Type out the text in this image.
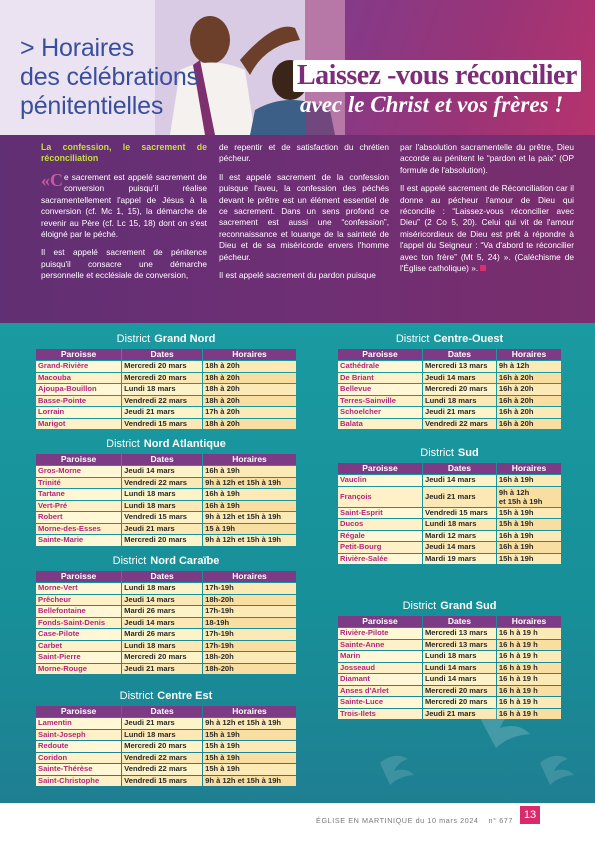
> Horaires
des célébrations
pénitentielles
Laissez -vous réconcilier
avec le Christ et vos frères !
La confession, le sacrement de réconciliation

«Ce sacrement est appelé sacrement de conversion puisqu'il réalise sacramentellement l'appel de Jésus à la conversion (cf. Mc 1, 15), la démarche de revenir au Père (cf. Lc 15, 18) dont on s'est éloigné par le péché.

Il est appelé sacrement de pénitence puisqu'il consacre une démarche personnelle et ecclésiale de conversion,

de repentir et de satisfaction du chrétien pécheur.

Il est appelé sacrement de la confession puisque l'aveu, la confession des péchés devant le prêtre est un élément essentiel de ce sacrement. Dans un sens profond ce sacrement est aussi une “confession”, reconnaissance et louange de la sainteté de Dieu et de sa miséricorde envers l'homme pécheur.

Il est appelé sacrement du pardon puisque

par l'absolution sacramentelle du prêtre, Dieu accorde au pénitent le “pardon et la paix” (OP formule de l'absolution).

Il est appelé sacrement de Réconciliation car il donne au pécheur l'amour de Dieu qui réconcilie : “Laissez-vous réconcilier avec Dieu” (2 Co 5, 20). Celui qui vit de l'amour miséricordieux de Dieu est prêt à répondre à l'appel du Seigneur : “Va d'abord te réconcilier avec ton frère” (Mt 5, 24) ». (Caléchisme de l'Église catholique) ».

District Grand Nord
Paroisse	Dates	Horaires
Grand-Rivière	Mercredi 20 mars	18h à 20h
Macouba	Mercredi 20 mars	18h à 20h
Ajoupa-Bouillon	Lundi 18 mars	18h à 20h
Basse-Pointe	Vendredi 22 mars	18h à 20h
Lorrain	Jeudi 21 mars	17h à 20h
Marigot	Vendredi 15 mars	18h à 20h
District Nord Atlantique
Paroisse	Dates	Horaires
Gros-Morne	Jeudi 14 mars	16h à 19h
Trinité	Vendredi 22 mars	9h à 12h et 15h à 19h
Tartane	Lundi 18 mars	16h à 19h
Vert-Pré	Lundi 18 mars	16h à 19h
Robert	Vendredi 15 mars	9h à 12h et 15h à 19h
Morne-des-Esses	Jeudi 21 mars	15 à 19h
Sainte-Marie	Mercredi 20 mars	9h à 12h et 15h à 19h
District Nord Caraïbe
Paroisse	Dates	Horaires
Morne-Vert	Lundi 18 mars	17h-19h
Prêcheur	Jeudi 14 mars	18h-20h
Bellefontaine	Mardi 26 mars	17h-19h
Fonds-Saint-Denis	Jeudi 14 mars	18-19h
Case-Pilote	Mardi 26 mars	17h-19h
Carbet	Lundi 18 mars	17h-19h
Saint-Pierre	Mercredi 20 mars	18h-20h
Morne-Rouge	Jeudi 21 mars	18h-20h
District Centre Est
Paroisse	Dates	Horaires
Lamentin	Jeudi 21 mars	9h à 12h et 15h à 19h
Saint-Joseph	Lundi 18 mars	15h à 19h
Redoute	Mercredi 20 mars	15h à 19h
Coridon	Vendredi 22 mars	15h à 19h
Sainte-Thérèse	Vendredi 22 mars	15h à 19h
Saint-Christophe	Vendredi 15 mars	9h à 12h et 15h à 19h
District Centre-Ouest
Paroisse	Dates	Horaires
Cathédrale	Mercredi 13 mars	9h à 12h
De Briant	Jeudi 14 mars	16h à 20h
Bellevue	Mercredi 20 mars	16h à 20h
Terres-Sainville	Lundi 18 mars	16h à 20h
Schoelcher	Jeudi 21 mars	16h à 20h
Balata	Vendredi 22 mars	16h à 20h
District Sud
Paroisse	Dates	Horaires
Vauclin	Jeudi 14 mars	16h à 19h
François	Jeudi 21 mars	9h à 12h
et 15h à 19h
Saint-Esprit	Vendredi 15 mars	15h à 19h
Ducos	Lundi 18 mars	15h à 19h
Régale	Mardi 12 mars	16h à 19h
Petit-Bourg	Jeudi 14 mars	16h à 19h
Rivière-Salée	Mardi 19 mars	15h à 19h
District Grand Sud
Paroisse	Dates	Horaires
Rivière-Pilote	Mercredi 13 mars	16 h à 19 h
Sainte-Anne	Mercredi 13 mars	16 h à 19 h
Marin	Lundi 18 mars	16 h à 19 h
Josseaud	Lundi 14 mars	16 h à 19 h
Diamant	Lundi 14 mars	16 h à 19 h
Anses d'Arlet	Mercredi 20 mars	16 h à 19 h
Sainte-Luce	Mercredi 20 mars	16 h à 19 h
Trois-Ilets	Jeudi 21 mars	16 h à 19 h
ÉGLISE EN MARTINIQUE du 10 mars 2024 n° 677 13
